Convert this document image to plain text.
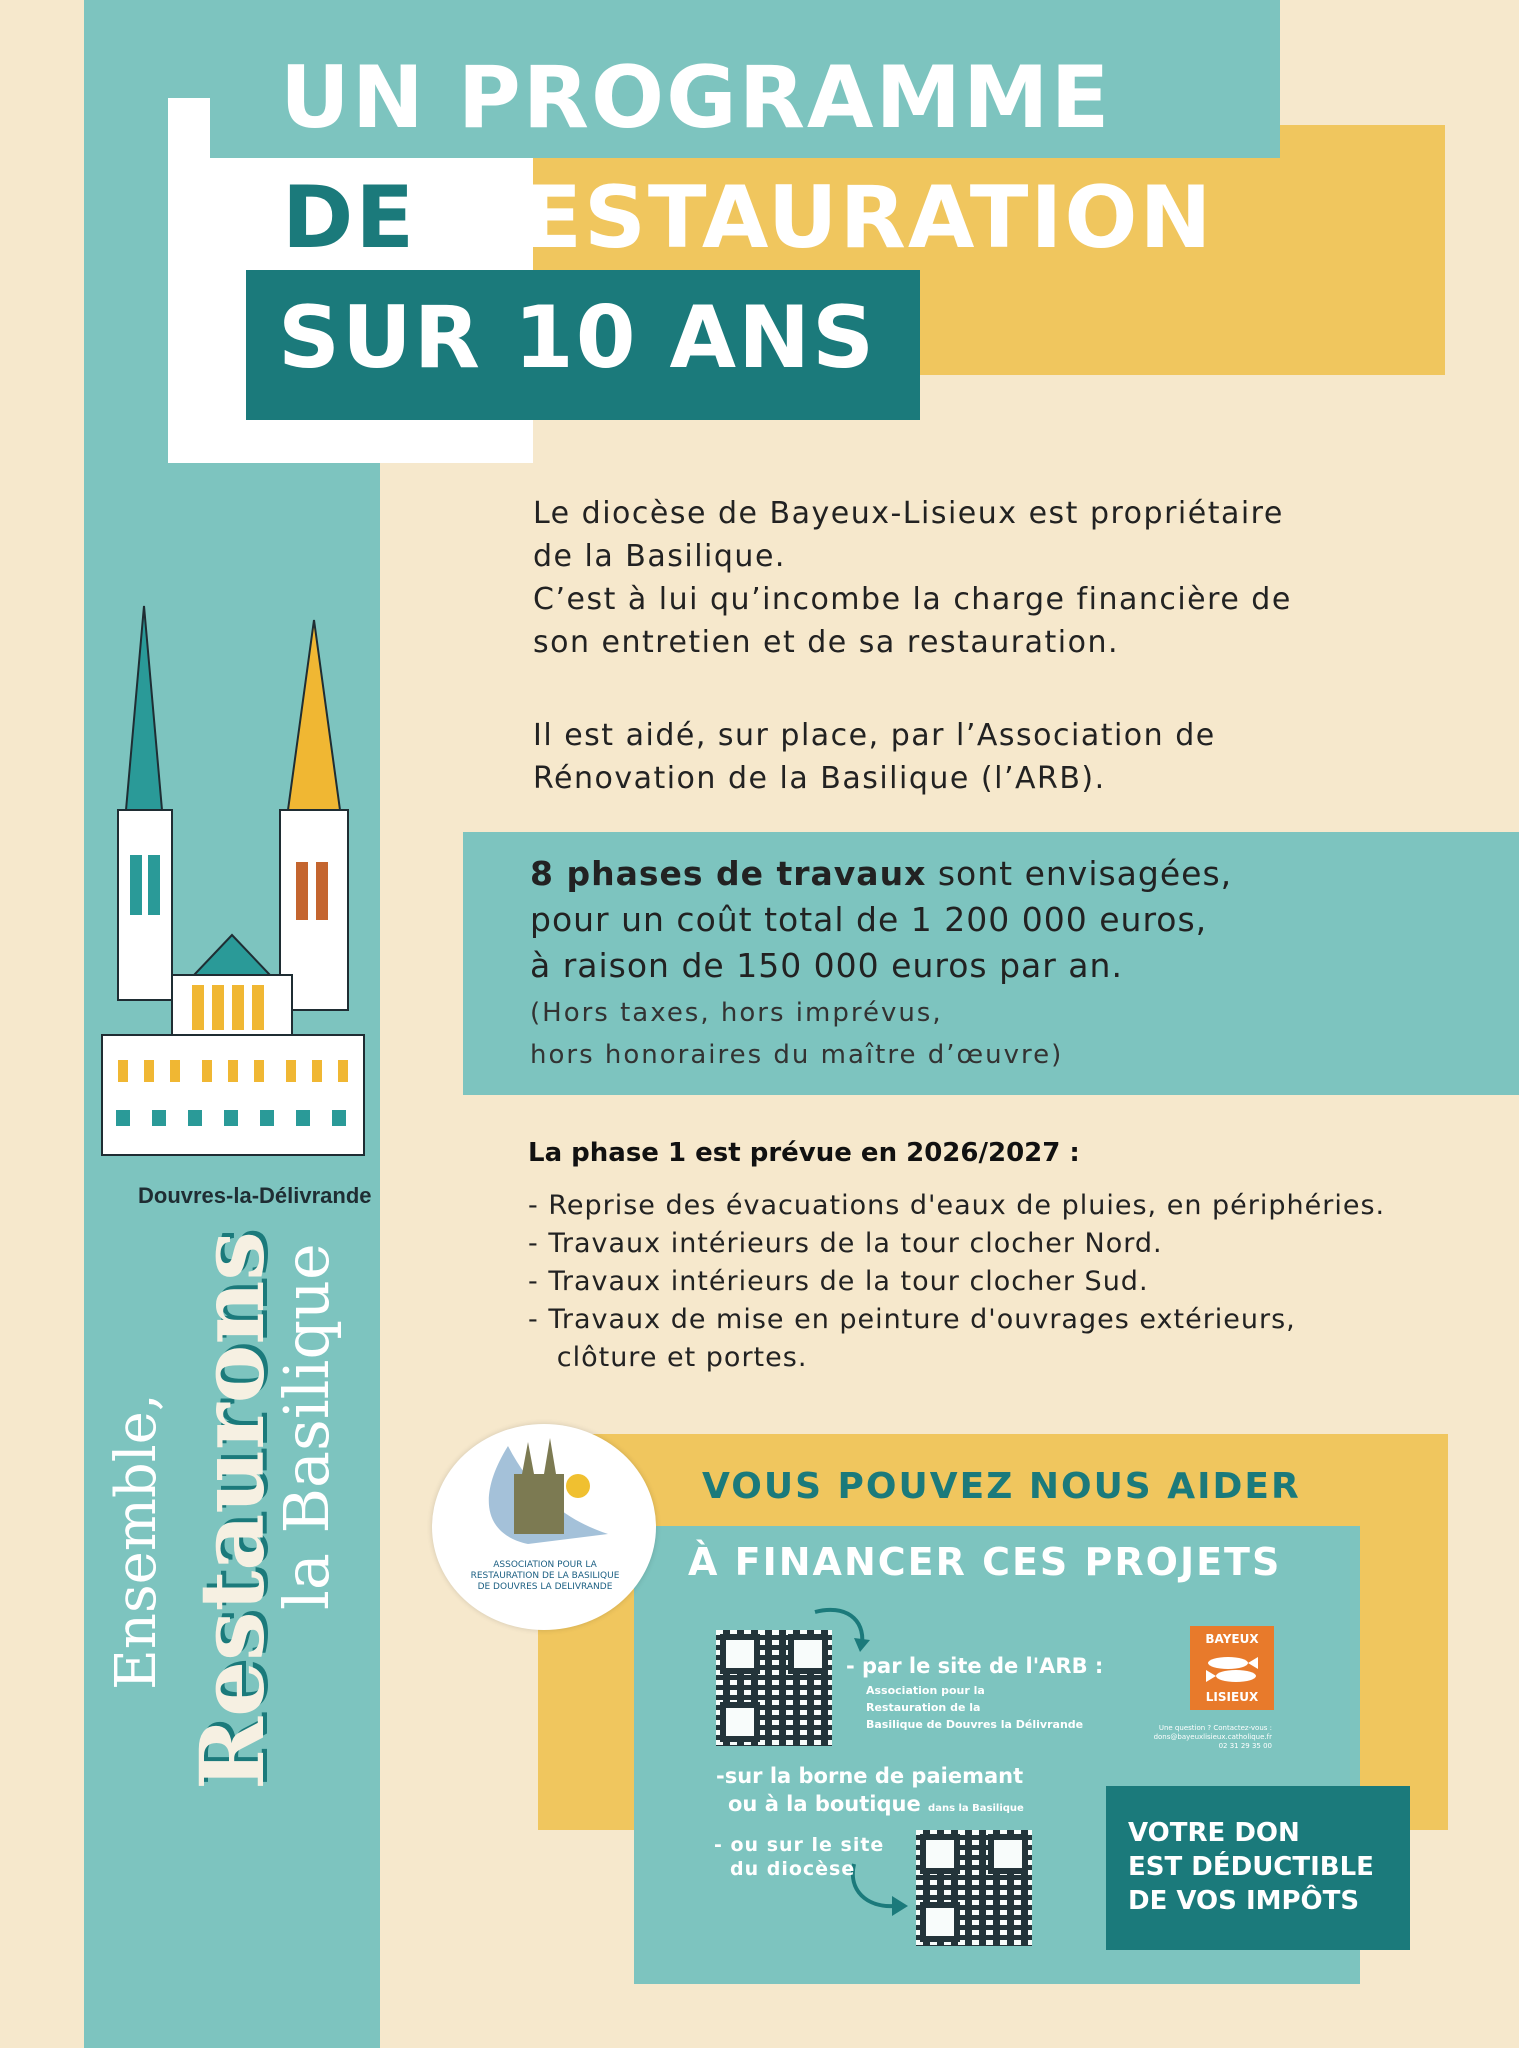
UN PROGRAMME
DE RESTAURATION
SUR 10 ANS

Le diocèse de Bayeux-Lisieux est propriétaire

de la Basilique.

C’est à lui qu’incombe la charge financière de

son entretien et de sa restauration.

Il est aidé, sur place, par l’Association de

Rénovation de la Basilique (l’ARB).

8 phases de travaux sont envisagées,
pour un coût total de 1 200 000 euros,
à raison de 150 000 euros par an.
(Hors taxes, hors imprévus,
hors honoraires du maître d’œuvre)
La phase 1 est prévue en 2026/2027 :
- Reprise des évacuations d'eaux de pluies, en périphéries.
- Travaux intérieurs de la tour clocher Nord.
- Travaux intérieurs de la tour clocher Sud.
- Travaux de mise en peinture d'ouvrages extérieurs,
clôture et portes.
Douvres-la-Délivrande
Ensemble, Restaurons
la Basilique	ASSOCIATION POUR LA
RESTAURATION DE LA BASILIQUE
DE DOUVRES LA DELIVRANDE
VOUS POUVEZ NOUS AIDER
À FINANCER CES PROJETS
- par le site de l'ARB :
Association pour la
Restauration de la
Basilique de Douvres la Délivrande
-sur la borne de paiemant
ou à la boutique dans la Basilique
- ou sur le site
du diocèse
BAYEUX
LISIEUX
Une question ? Contactez-vous :
dons@bayeuxlisieux.catholique.fr
02 31 29 35 00
VOTRE DON
EST DÉDUCTIBLE
DE VOS IMPÔTS
